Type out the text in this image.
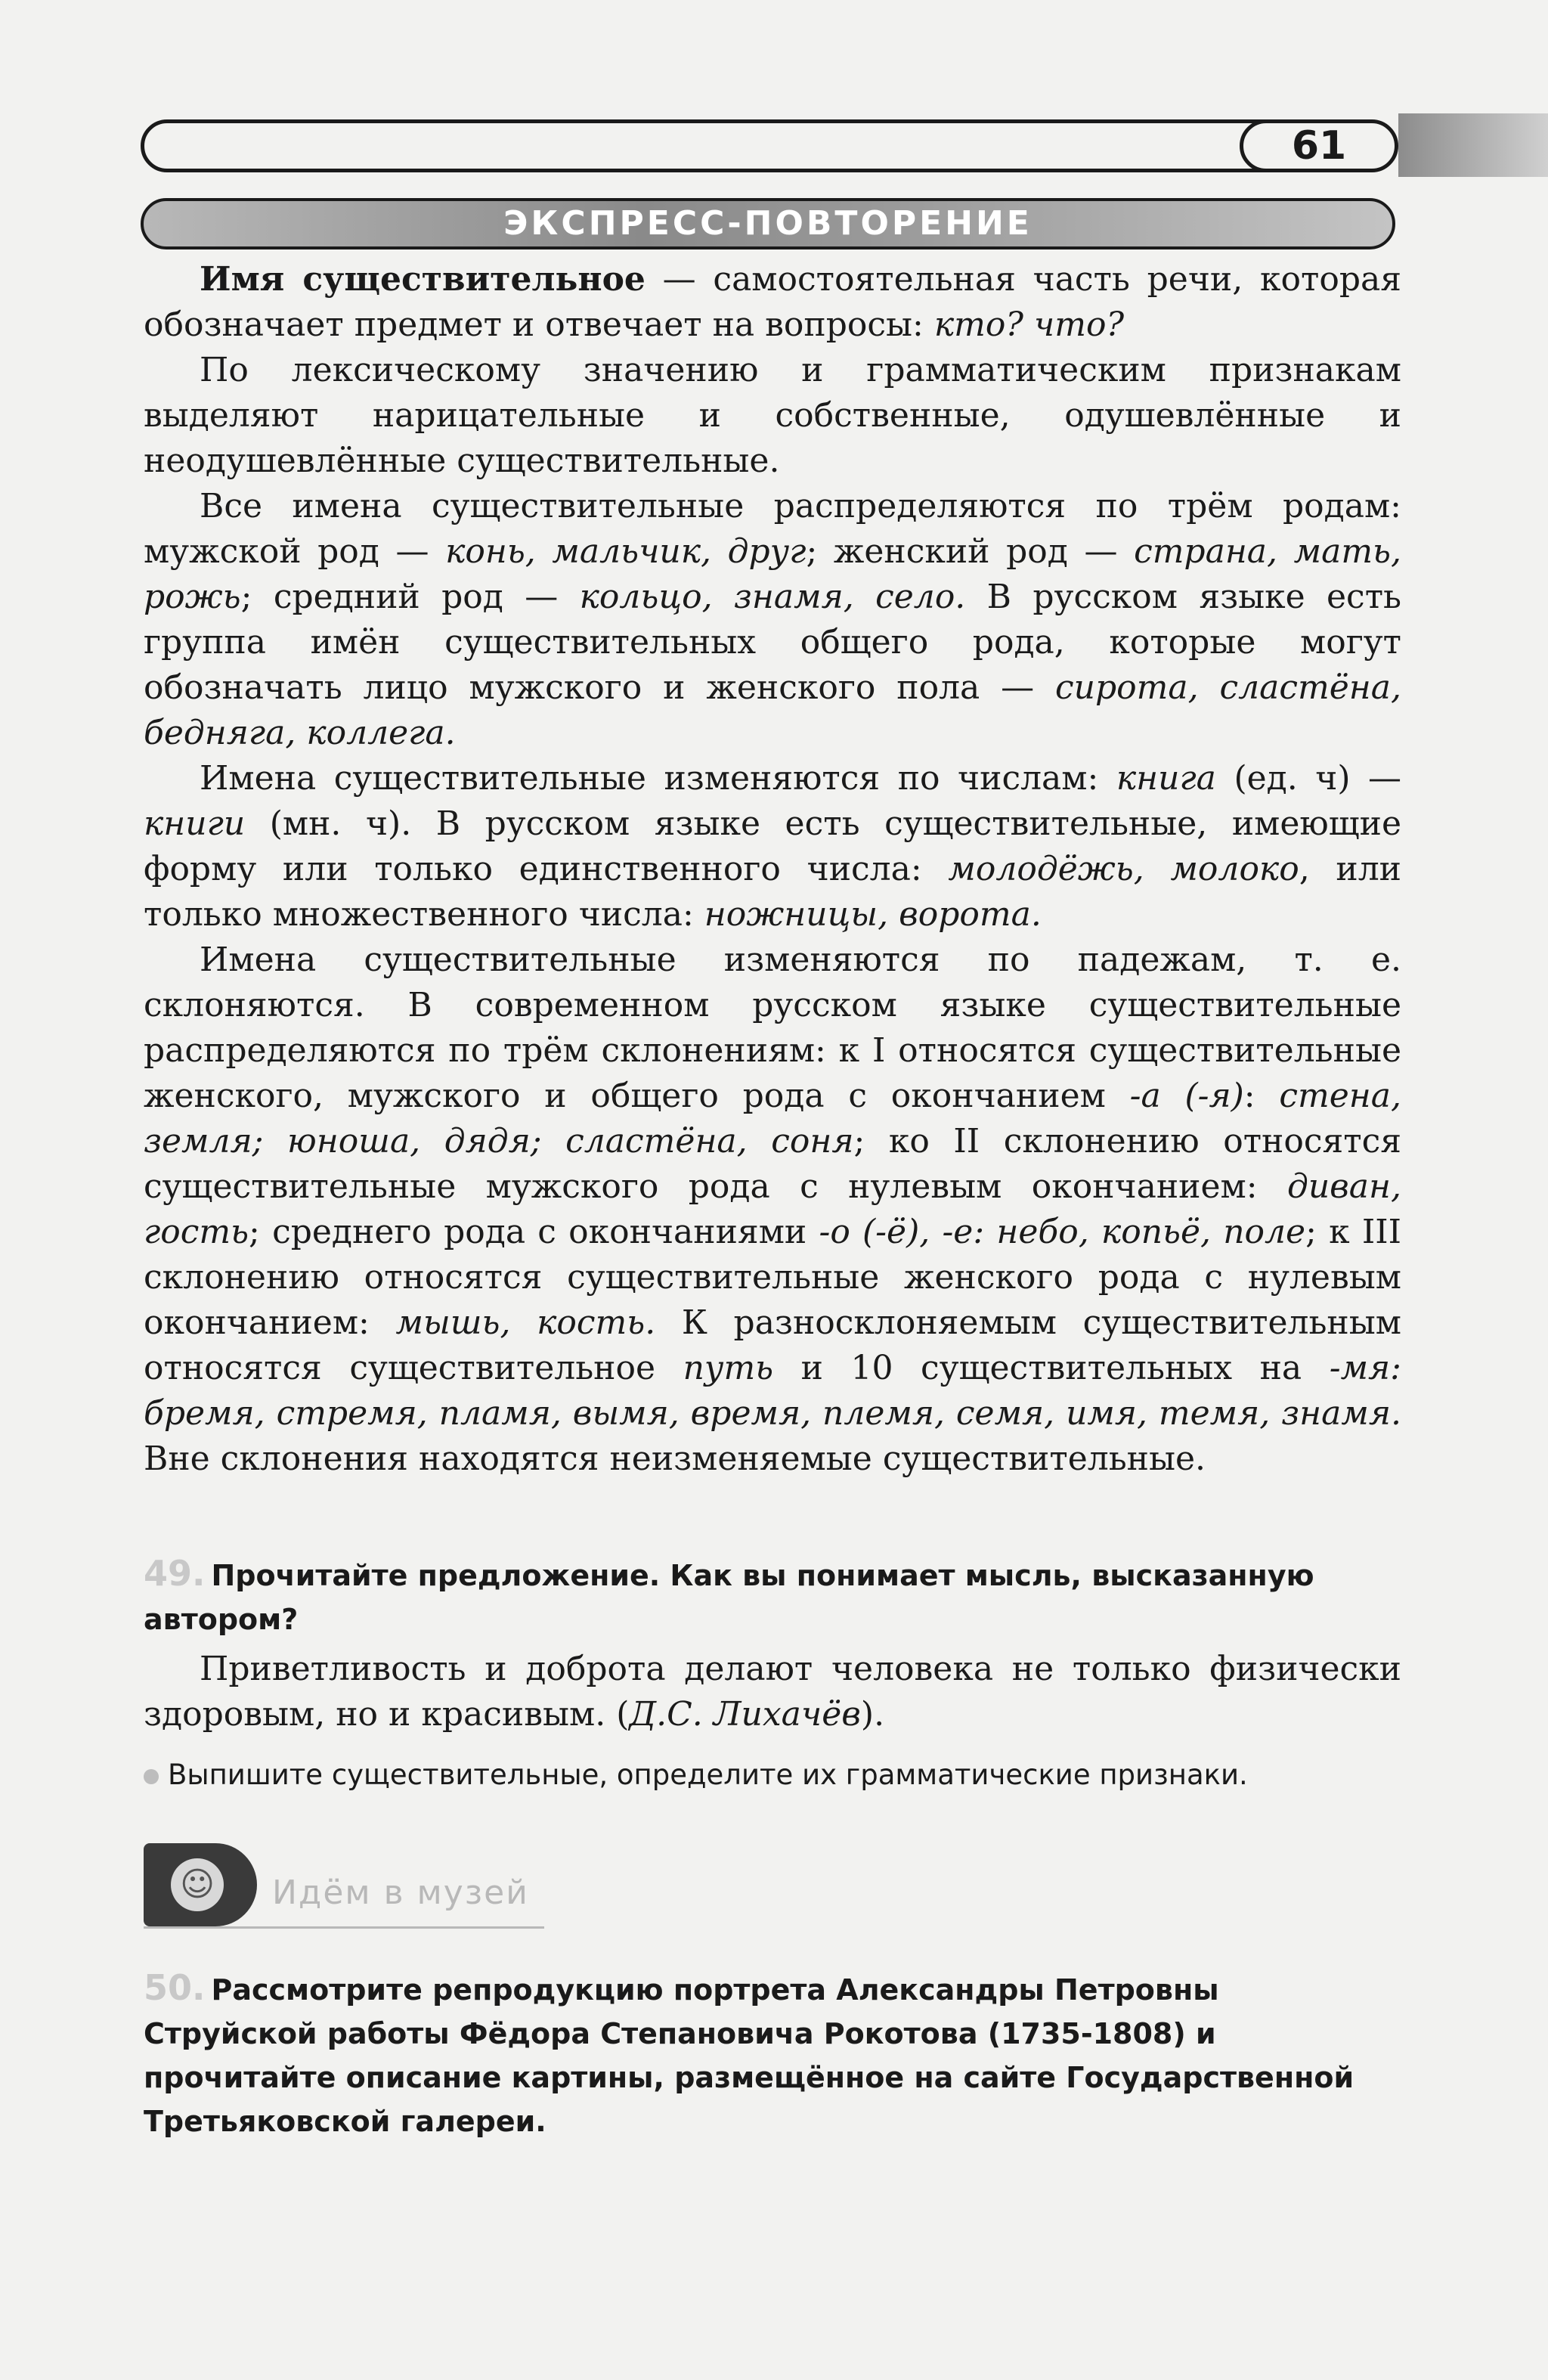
61
ЭКСПРЕСС-ПОВТОРЕНИЕ

Имя существительное — самостоятельная часть речи, которая обозначает предмет и отвечает на вопросы: кто? что?

По лексическому значению и грамматическим признакам выделяют нарицательные и собственные, одушевлённые и неодушевлённые существительные.

Все имена существительные распределяются по трём родам: мужской род — конь, мальчик, друг; женский род — страна, мать, рожь; средний род — кольцо, знамя, село. В русском языке есть группа имён существительных общего рода, которые могут обозначать лицо мужского и женского пола — сирота, сластёна, бедняга, коллега.

Имена существительные изменяются по числам: книга (ед. ч) — книги (мн. ч). В русском языке есть существительные, имеющие форму или только единственного числа: молодёжь, молоко, или только множественного числа: ножницы, ворота.

Имена существительные изменяются по падежам, т. е. склоняются. В современном русском языке существительные распределяются по трём склонениям: к I относятся существительные женского, мужского и общего рода с окончанием -а (-я): стена, земля; юноша, дядя; сластёна, соня; ко II склонению относятся существительные мужского рода с нулевым окончанием: диван, гость; среднего рода с окончаниями -о (-ё), -е: небо, копьё, поле; к III склонению относятся существительные женского рода с нулевым окончанием: мышь, кость. К разносклоняемым существительным относятся существительное путь и 10 существительных на -мя: бремя, стремя, пламя, вымя, время, племя, семя, имя, темя, знамя. Вне склонения находятся неизменяемые существительные.

49. Прочитайте предложение. Как вы понимает мысль, высказанную автором?
Приветливость и доброта делают человека не только физически здоровым, но и красивым. (Д.С. Лихачёв).
Выпишите существительные, определите их грамматические признаки.
☺ Идём в музей
50. Рассмотрите репродукцию портрета Александры Петровны Струйской работы Фёдора Степановича Рокотова (1735-1808) и прочитайте описание картины, размещённое на сайте Государственной Третьяковской галереи.
